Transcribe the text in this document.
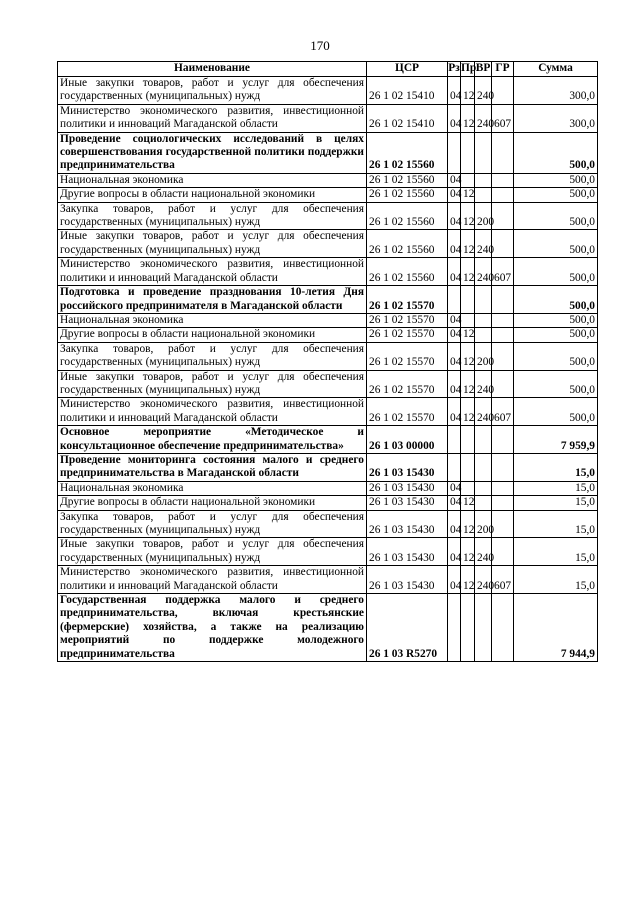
170
Наименование	ЦСР	Рз	Пр	ВР	ГР	Сумма
Иные закупки товаров, работ и услуг для обеспечения государственных (муниципальных) нужд	26 1 02 15410	04	12	240		300,0
Министерство экономического развития, инвестиционной политики и инноваций Магаданской области	26 1 02 15410	04	12	240	607	300,0
Проведение социологических исследований в целях совершенствования государственной политики поддержки предпринимательства	26 1 02 15560					500,0
Национальная экономика	26 1 02 15560	04				500,0
Другие вопросы в области национальной экономики	26 1 02 15560	04	12			500,0
Закупка товаров, работ и услуг для обеспечения государственных (муниципальных) нужд	26 1 02 15560	04	12	200		500,0
Иные закупки товаров, работ и услуг для обеспечения государственных (муниципальных) нужд	26 1 02 15560	04	12	240		500,0
Министерство экономического развития, инвестиционной политики и инноваций Магаданской области	26 1 02 15560	04	12	240	607	500,0
Подготовка и проведение празднования 10-летия Дня российского предпринимателя в Магаданской области	26 1 02 15570					500,0
Национальная экономика	26 1 02 15570	04				500,0
Другие вопросы в области национальной экономики	26 1 02 15570	04	12			500,0
Закупка товаров, работ и услуг для обеспечения государственных (муниципальных) нужд	26 1 02 15570	04	12	200		500,0
Иные закупки товаров, работ и услуг для обеспечения государственных (муниципальных) нужд	26 1 02 15570	04	12	240		500,0
Министерство экономического развития, инвестиционной политики и инноваций Магаданской области	26 1 02 15570	04	12	240	607	500,0
Основное мероприятие «Методическое и консультационное обеспечение предпринимательства»	26 1 03 00000					7 959,9
Проведение мониторинга состояния малого и среднего предпринимательства в Магаданской области	26 1 03 15430					15,0
Национальная экономика	26 1 03 15430	04				15,0
Другие вопросы в области национальной экономики	26 1 03 15430	04	12			15,0
Закупка товаров, работ и услуг для обеспечения государственных (муниципальных) нужд	26 1 03 15430	04	12	200		15,0
Иные закупки товаров, работ и услуг для обеспечения государственных (муниципальных) нужд	26 1 03 15430	04	12	240		15,0
Министерство экономического развития, инвестиционной политики и инноваций Магаданской области	26 1 03 15430	04	12	240	607	15,0
Государственная поддержка малого и среднего предпринимательства, включая крестьянские (фермерские) хозяйства, а также на реализацию мероприятий по поддержке молодежного предпринимательства	26 1 03 R5270					7 944,9
